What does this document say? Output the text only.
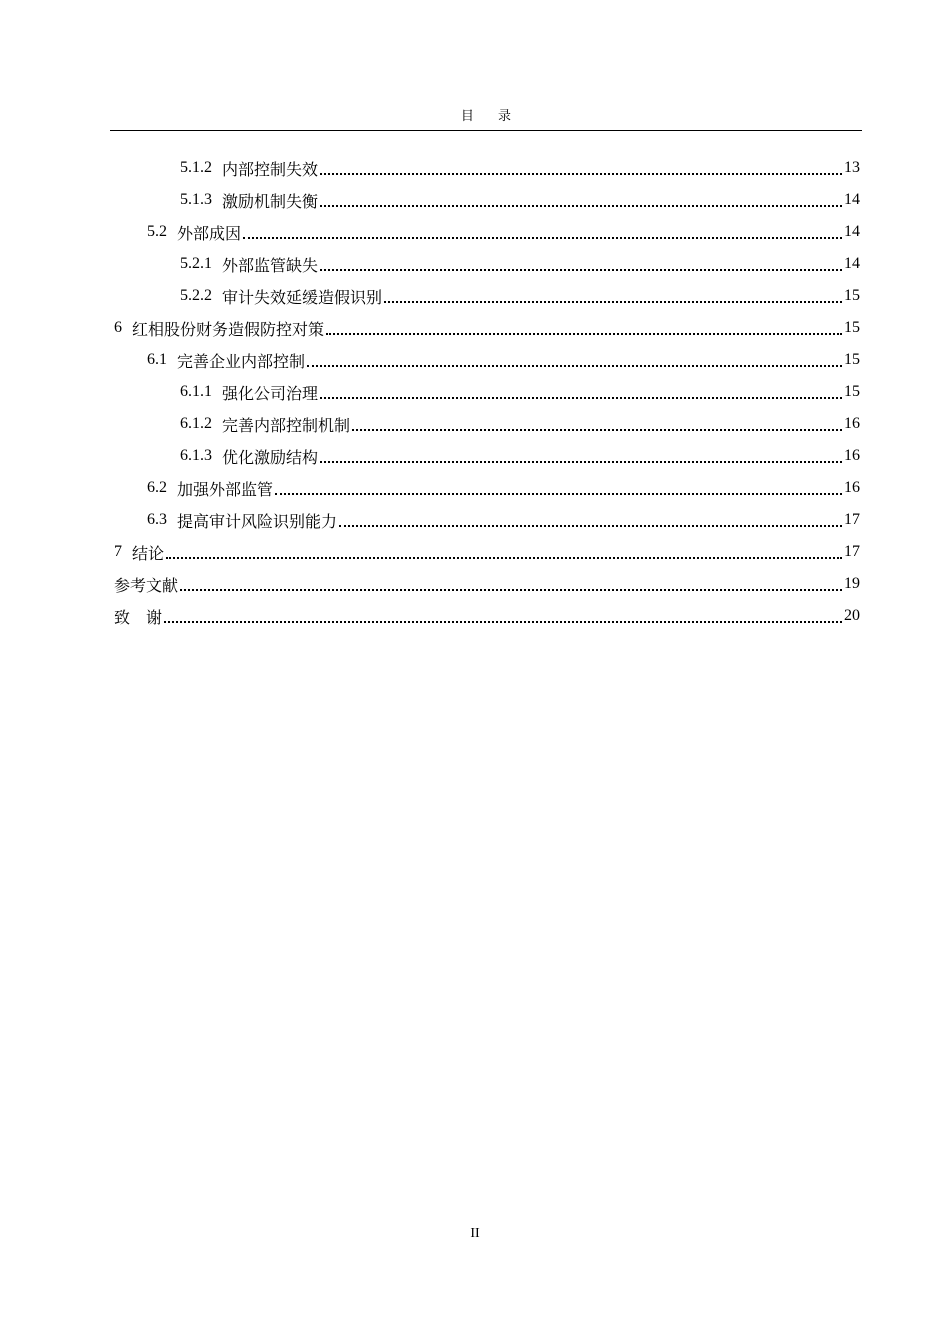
目 录
5.1.2 内部控制失效	13
5.1.3 激励机制失衡	14
5.2 外部成因	14
5.2.1 外部监管缺失	14
5.2.2 审计失效延缓造假识别	15
6 红相股份财务造假防控对策	15
6.1 完善企业内部控制	15
6.1.1 强化公司治理	15
6.1.2 完善内部控制机制	16
6.1.3 优化激励结构	16
6.2 加强外部监管	16
6.3 提高审计风险识别能力	17
7 结论	17
参考文献	19
致　谢	20
II
